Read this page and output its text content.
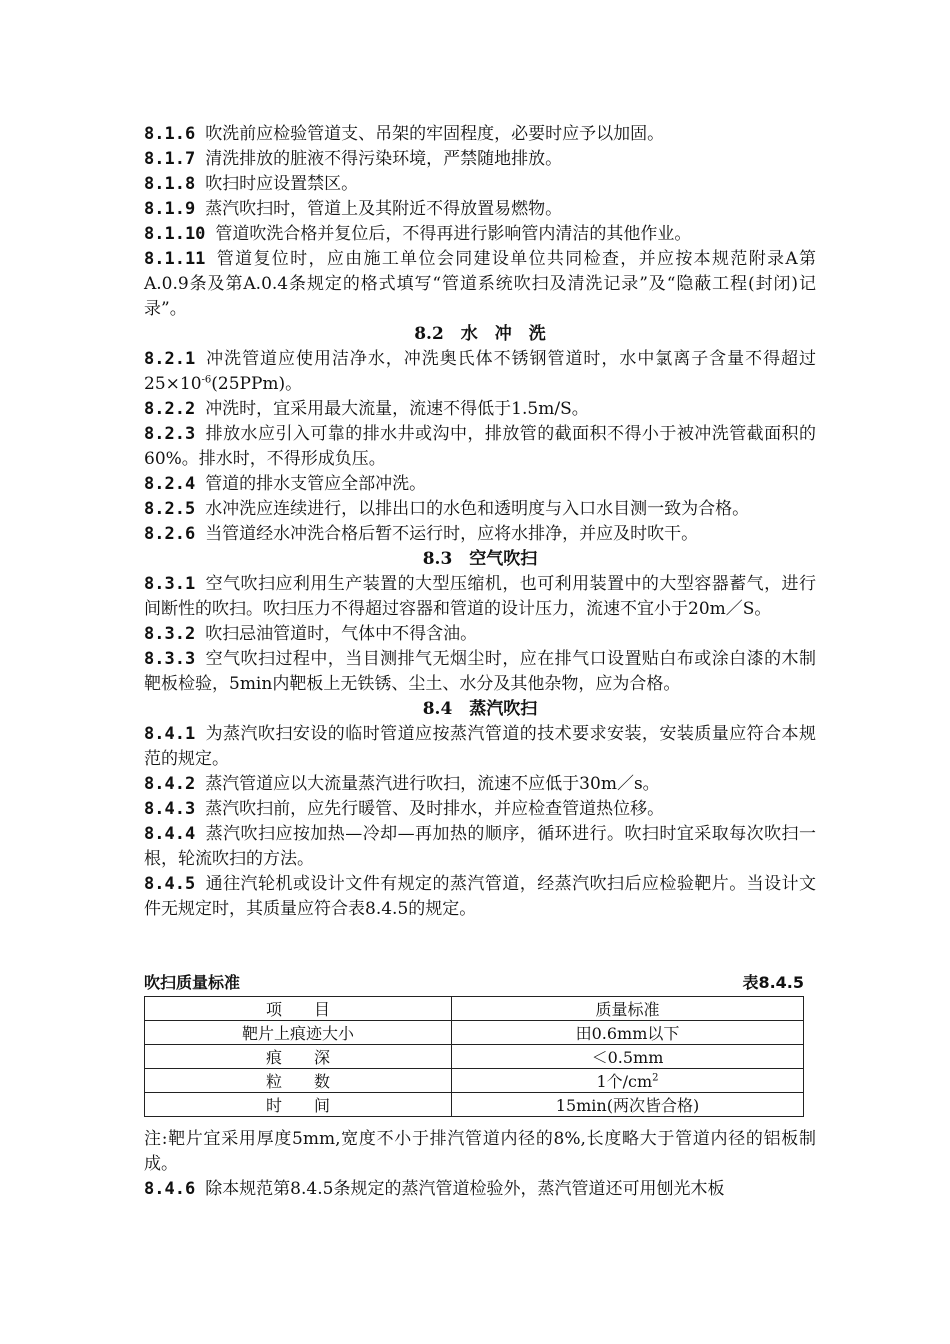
8.1.6 吹洗前应检验管道支、吊架的牢固程度，必要时应予以加固。

8.1.7 清洗排放的脏液不得污染环境，严禁随地排放。

8.1.8 吹扫时应设置禁区。

8.1.9 蒸汽吹扫时，管道上及其附近不得放置易燃物。

8.1.10 管道吹洗合格并复位后，不得再进行影响管内清洁的其他作业。

8.1.11 管道复位时，应由施工单位会同建设单位共同检查，并应按本规范附录A第A.0.9条及第A.0.4条规定的格式填写“管道系统吹扫及清洗记录”及“隐蔽工程(封闭)记录”。

8.2　水　冲　洗

8.2.1 冲洗管道应使用洁净水，冲洗奥氏体不锈钢管道时，水中氯离子含量不得超过$25\times 10^{-6}(25PPm)$。

8.2.2 冲洗时，宜采用最大流量，流速不得低于1.5m/S。

8.2.3 排放水应引入可靠的排水井或沟中，排放管的截面积不得小于被冲洗管截面积的60%。排水时，不得形成负压。

8.2.4 管道的排水支管应全部冲洗。

8.2.5 水冲洗应连续进行，以排出口的水色和透明度与入口水目测一致为合格。

8.2.6 当管道经水冲洗合格后暂不运行时，应将水排净，并应及时吹干。

8.3　空气吹扫

8.3.1 空气吹扫应利用生产装置的大型压缩机，也可利用装置中的大型容器蓄气，进行间断性的吹扫。吹扫压力不得超过容器和管道的设计压力，流速不宜小于20m／S。

8.3.2 吹扫忌油管道时，气体中不得含油。

8.3.3 空气吹扫过程中，当目测排气无烟尘时，应在排气口设置贴白布或涂白漆的木制靶板检验，5min内靶板上无铁锈、尘土、水分及其他杂物，应为合格。

8.4　蒸汽吹扫

8.4.1 为蒸汽吹扫安设的临时管道应按蒸汽管道的技术要求安装，安装质量应符合本规范的规定。

8.4.2 蒸汽管道应以大流量蒸汽进行吹扫，流速不应低于30m／s。

8.4.3 蒸汽吹扫前，应先行暖管、及时排水，并应检查管道热位移。

8.4.4 蒸汽吹扫应按加热—冷却—再加热的顺序，循环进行。吹扫时宜采取每次吹扫一根，轮流吹扫的方法。

8.4.5 通往汽轮机或设计文件有规定的蒸汽管道，经蒸汽吹扫后应检验靶片。当设计文件无规定时，其质量应符合表8.4.5的规定。

吹扫质量标准	表8.4.5
项　　目	质量标准
靶片上痕迹大小	田0.6mm以下
痕　　深	＜0.5mm
粒　　数	1个$/cm^2$
时　　间	15min(两次皆合格)

注:靶片宜采用厚度5mm,宽度不小于排汽管道内径的8%,长度略大于管道内径的铝板制成。

8.4.6 除本规范第8.4.5条规定的蒸汽管道检验外，蒸汽管道还可用刨光木板
